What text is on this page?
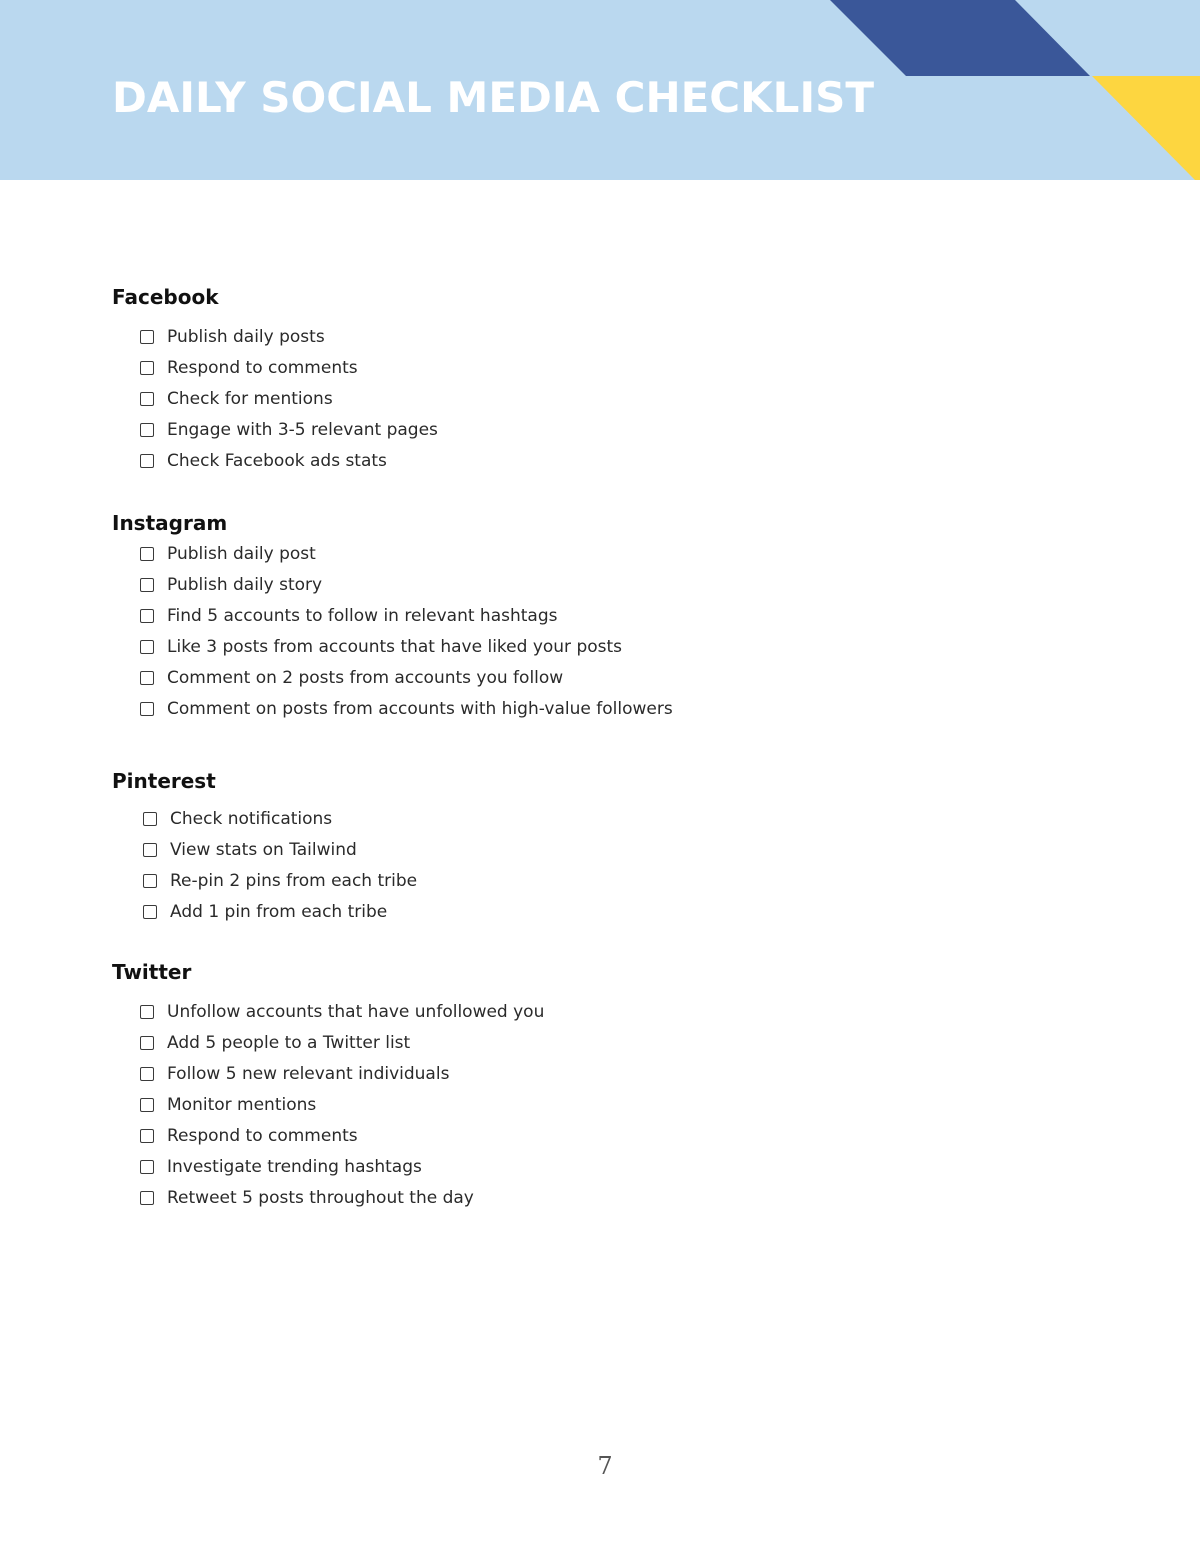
DAILY SOCIAL MEDIA CHECKLIST
Facebook
Publish daily posts
Respond to comments
Check for mentions
Engage with 3-5 relevant pages
Check Facebook ads stats
Instagram
Publish daily post
Publish daily story
Find 5 accounts to follow in relevant hashtags
Like 3 posts from accounts that have liked your posts
Comment on 2 posts from accounts you follow
Comment on posts from accounts with high-value followers
Pinterest
Check notifications
View stats on Tailwind
Re-pin 2 pins from each tribe
Add 1 pin from each tribe
Twitter
Unfollow accounts that have unfollowed you
Add 5 people to a Twitter list
Follow 5 new relevant individuals
Monitor mentions
Respond to comments
Investigate trending hashtags
Retweet 5 posts throughout the day
7
